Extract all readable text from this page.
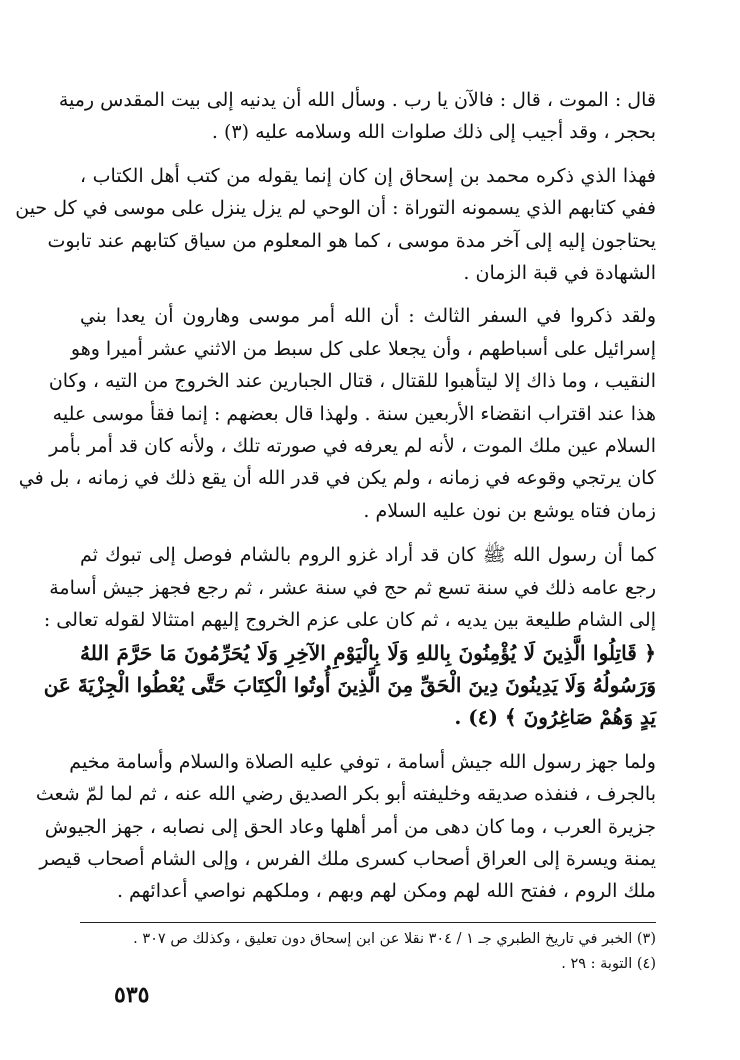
قال : الموت ، قال : فالآن يا رب . وسأل الله أن يدنيه إلى بيت المقدس رمية
بحجر ، وقد أجيب إلى ذلك صلوات الله وسلامه عليه (٣) .
فهذا الذي ذكره محمد بن إسحاق إن كان إنما يقوله من كتب أهل الكتاب ،
ففي كتابهم الذي يسمونه التوراة : أن الوحي لم يزل ينزل على موسى في كل حين
يحتاجون إليه إلى آخر مدة موسى ، كما هو المعلوم من سياق كتابهم عند تابوت
الشهادة في قبة الزمان .
ولقد ذكروا في السفر الثالث : أن الله أمر موسى وهارون أن يعدا بني
إسرائيل على أسباطهم ، وأن يجعلا على كل سبط من الاثني عشر أميرا وهو
النقيب ، وما ذاك إلا ليتأهبوا للقتال ، قتال الجبارين عند الخروج من التيه ، وكان
هذا عند اقتراب انقضاء الأربعين سنة . ولهذا قال بعضهم : إنما فقأ موسى عليه
السلام عين ملك الموت ، لأنه لم يعرفه في صورته تلك ، ولأنه كان قد أمر بأمر
كان يرتجي وقوعه في زمانه ، ولم يكن في قدر الله أن يقع ذلك في زمانه ، بل في
زمان فتاه يوشع بن نون عليه السلام .
كما أن رسول الله ﷺ كان قد أراد غزو الروم بالشام فوصل إلى تبوك ثم
رجع عامه ذلك في سنة تسع ثم حج في سنة عشر ، ثم رجع فجهز جيش أسامة
إلى الشام طليعة بين يديه ، ثم كان على عزم الخروج إليهم امتثالا لقوله تعالى :
﴿ قَاتِلُوا الَّذِينَ لَا يُؤْمِنُونَ بِاللهِ وَلَا بِالْيَوْمِ الآخِرِ وَلَا يُحَرِّمُونَ مَا حَرَّمَ اللهُ
وَرَسُولُهُ وَلَا يَدِينُونَ دِينَ الْحَقِّ مِنَ الَّذِينَ أُوتُوا الْكِتَابَ حَتَّى يُعْطُوا الْجِزْيَةَ عَن
يَدٍ وَهُمْ صَاغِرُونَ ﴾ (٤) .
ولما جهز رسول الله جيش أسامة ، توفي عليه الصلاة والسلام وأسامة مخيم
بالجرف ، فنفذه صديقه وخليفته أبو بكر الصديق رضي الله عنه ، ثم لما لمّ شعث
جزيرة العرب ، وما كان دهى من أمر أهلها وعاد الحق إلى نصابه ، جهز الجيوش
يمنة ويسرة إلى العراق أصحاب كسرى ملك الفرس ، وإلى الشام أصحاب قيصر
ملك الروم ، ففتح الله لهم ومكن لهم وبهم ، وملكهم نواصي أعدائهم .
(٣) الخبر في تاريخ الطبري جـ ١ / ٣٠٤ نقلا عن ابن إسحاق دون تعليق ، وكذلك ص ٣٠٧ .
(٤) التوبة : ٢٩ .
٥٣٥
